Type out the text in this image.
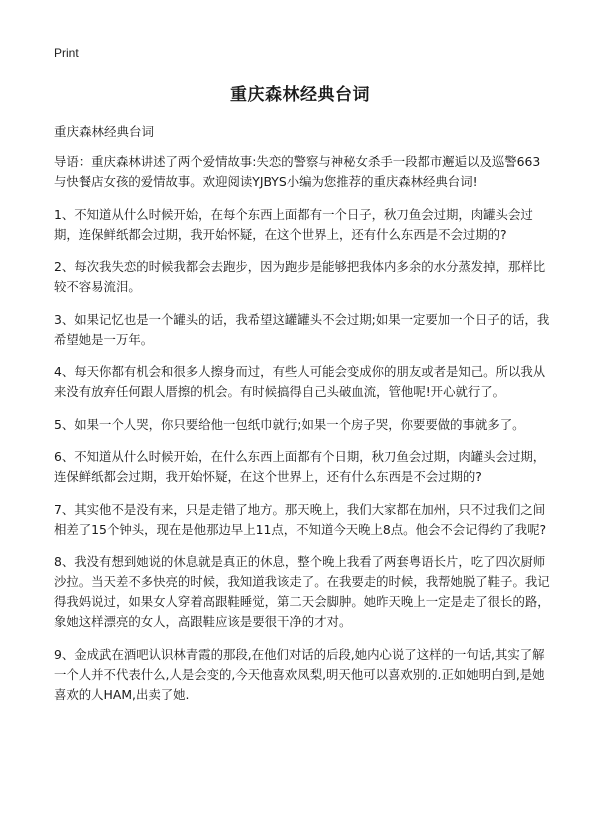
Print
重庆森林经典台词
重庆森林经典台词

导语：重庆森林讲述了两个爱情故事:失恋的警察与神秘女杀手一段都市邂逅以及巡警663与快餐店女孩的爱情故事。欢迎阅读YJBYS小编为您推荐的重庆森林经典台词!

1、不知道从什么时候开始，在每个东西上面都有一个日子，秋刀鱼会过期，肉罐头会过期，连保鲜纸都会过期，我开始怀疑，在这个世界上，还有什么东西是不会过期的?

2、每次我失恋的时候我都会去跑步，因为跑步是能够把我体内多余的水分蒸发掉，那样比较不容易流泪。

3、如果记忆也是一个罐头的话，我希望这罐罐头不会过期;如果一定要加一个日子的话，我希望她是一万年。

4、每天你都有机会和很多人擦身而过，有些人可能会变成你的朋友或者是知己。所以我从来没有放弃任何跟人厝擦的机会。有时候搞得自己头破血流，管他呢!开心就行了。

5、如果一个人哭，你只要给他一包纸巾就行;如果一个房子哭，你要要做的事就多了。

6、不知道从什么时候开始，在什么东西上面都有个日期，秋刀鱼会过期，肉罐头会过期，连保鲜纸都会过期，我开始怀疑，在这个世界上，还有什么东西是不会过期的?

7、其实他不是没有来，只是走错了地方。那天晚上，我们大家都在加州，只不过我们之间相差了15个钟头，现在是他那边早上11点，不知道今天晚上8点。他会不会记得约了我呢?

8、我没有想到她说的休息就是真正的休息，整个晚上我看了两套粤语长片，吃了四次厨师沙拉。当天差不多快亮的时候，我知道我该走了。在我要走的时候，我帮她脱了鞋子。我记得我妈说过，如果女人穿着高跟鞋睡觉，第二天会脚肿。她昨天晚上一定是走了很长的路，象她这样漂亮的女人，高跟鞋应该是要很干净的才对。

9、金成武在酒吧认识林青霞的那段,在他们对话的后段,她内心说了这样的一句话,其实了解一个人并不代表什么,人是会变的,今天他喜欢凤梨,明天他可以喜欢别的.正如她明白到,是她喜欢的人HAM,出卖了她.
